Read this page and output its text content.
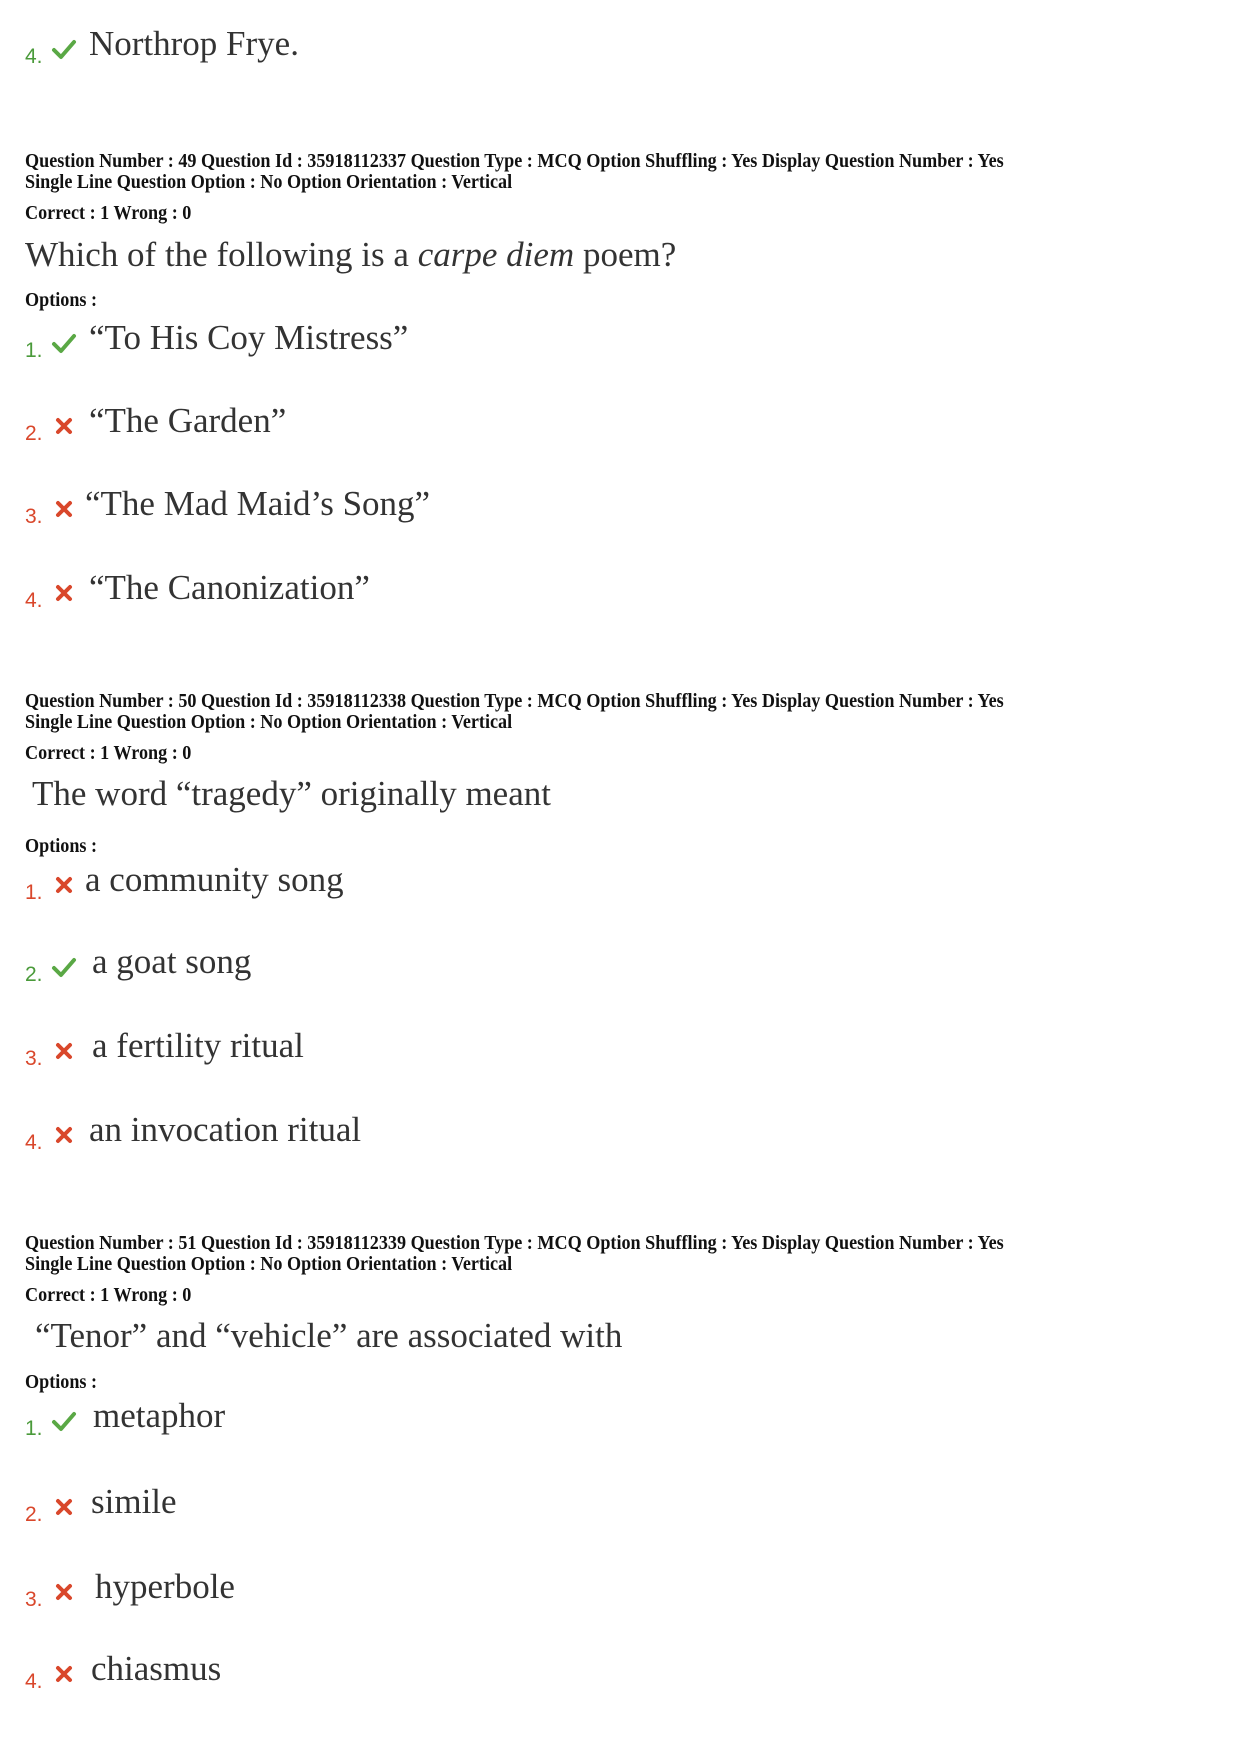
4. Northrop Frye.
Question Number : 49 Question Id : 35918112337 Question Type : MCQ Option Shuffling : Yes Display Question Number : Yes
Single Line Question Option : No Option Orientation : Vertical
Correct : 1 Wrong : 0
Which of the following is a carpe diem poem?
Options :
1. “To His Coy Mistress”
2. “The Garden”
3. “The Mad Maid’s Song”
4. “The Canonization”
Question Number : 50 Question Id : 35918112338 Question Type : MCQ Option Shuffling : Yes Display Question Number : Yes
Single Line Question Option : No Option Orientation : Vertical
Correct : 1 Wrong : 0
The word “tragedy” originally meant
Options :
1. a community song
2. a goat song
3. a fertility ritual
4. an invocation ritual
Question Number : 51 Question Id : 35918112339 Question Type : MCQ Option Shuffling : Yes Display Question Number : Yes
Single Line Question Option : No Option Orientation : Vertical
Correct : 1 Wrong : 0
“Tenor” and “vehicle” are associated with
Options :
1. metaphor
2. simile
3. hyperbole
4. chiasmus
